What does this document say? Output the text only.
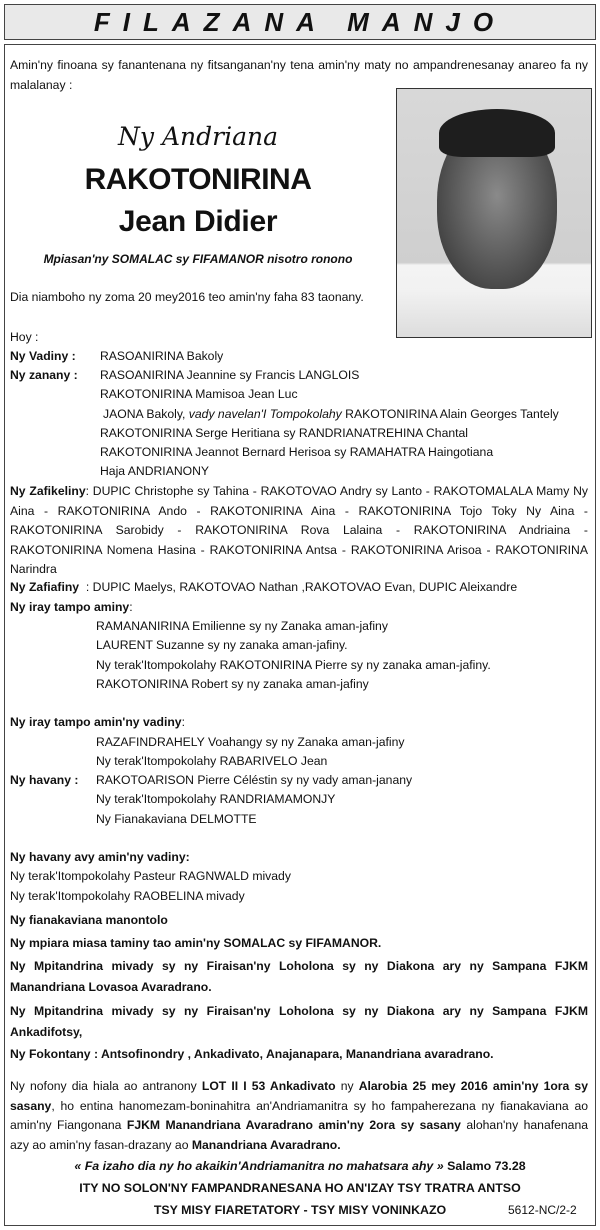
FILAZANA MANJO
Amin'ny finoana sy fanantenana ny fitsanganan'ny tena amin'ny maty no ampandrenesanay anareo fa ny malalanay :
Ny Andriana
RAKOTONIRINA
Jean Didier
Mpiasan'ny SOMALAC sy FIFAMANOR nisotro ronono
Dia niamboho ny zoma 20 mey2016 teo amin'ny faha 83 taonany.
Hoy :
Ny Vadiny : RASOANIRINA Bakoly
Ny zanany : RASOANIRINA Jeannine sy Francis LANGLOIS
RAKOTONIRINA Mamisoa Jean Luc
JAONA Bakoly, vady navelan'I Tompokolahy RAKOTONIRINA Alain Georges Tantely
RAKOTONIRINA Serge Heritiana sy RANDRIANATREHINA Chantal
RAKOTONIRINA Jeannot Bernard Herisoa sy RAMAHATRA Haingotiana
Haja ANDRIANONY
Ny Zafikeliny: DUPIC Christophe sy Tahina - RAKOTOVAO Andry sy Lanto - RAKOTOMALALA Mamy Ny Aina - RAKOTONIRINA Ando - RAKOTONIRINA Aina - RAKOTONIRINA Tojo Toky Ny Aina - RAKOTONIRINA Sarobidy - RAKOTONIRINA Rova Lalaina - RAKOTONIRINA Andriaina - RAKOTONIRINA Nomena Hasina - RAKOTONIRINA Antsa - RAKOTONIRINA Arisoa - RAKOTONIRINA Narindra
Ny Zafiafiny : DUPIC Maelys, RAKOTOVAO Nathan ,RAKOTOVAO Evan, DUPIC Aleixandre
Ny iray tampo aminy:
RAMANANIRINA Emilienne sy ny Zanaka aman-jafiny
LAURENT Suzanne sy ny zanaka aman-jafiny.
Ny terak'Itompokolahy RAKOTONIRINA Pierre sy ny zanaka aman-jafiny.
RAKOTONIRINA Robert sy ny zanaka aman-jafiny
Ny iray tampo amin'ny vadiny:
RAZAFINDRAHELY Voahangy sy ny Zanaka aman-jafiny
Ny terak'Itompokolahy RABARIVELO Jean
Ny havany : RAKOTOARISON Pierre Céléstin sy ny vady aman-janany
Ny terak'Itompokolahy RANDRIAMAMONJY
Ny Fianakaviana DELMOTTE
Ny havany avy amin'ny vadiny:
Ny terak'Itompokolahy Pasteur RAGNWALD mivady
Ny terak'Itompokolahy RAOBELINA mivady
Ny fianakaviana manontolo
Ny mpiara miasa taminy tao amin'ny SOMALAC sy FIFAMANOR.
Ny Mpitandrina mivady sy ny Firaisan'ny Loholona sy ny Diakona ary ny Sampana FJKM Manandriana Lovasoa Avaradrano.
Ny Mpitandrina mivady sy ny Firaisan'ny Loholona sy ny Diakona ary ny Sampana FJKM Ankadifotsy,
Ny Fokontany : Antsofinondry , Ankadivato, Anajanapara, Manandriana avaradrano.
Ny nofony dia hiala ao antranony LOT II I 53 Ankadivato ny Alarobia 25 mey 2016 amin'ny 1ora sy sasany, ho entina hanomezam-boninahitra an'Andriamanitra sy ho fampaherezana ny fianakaviana ao amin'ny Fiangonana FJKM Manandriana Avaradrano amin'ny 2ora sy sasany alohan'ny hanafenana azy ao amin'ny fasan-drazany ao Manandriana Avaradrano.
« Fa izaho dia ny ho akaikin'Andriamanitra no mahatsara ahy » Salamo 73.28
ITY NO SOLON'NY FAMPANDRANESANA HO AN'IZAY TSY TRATRA ANTSO
TSY MISY FIARETATORY - TSY MISY VONINKAZO	5612-NC/2-2
